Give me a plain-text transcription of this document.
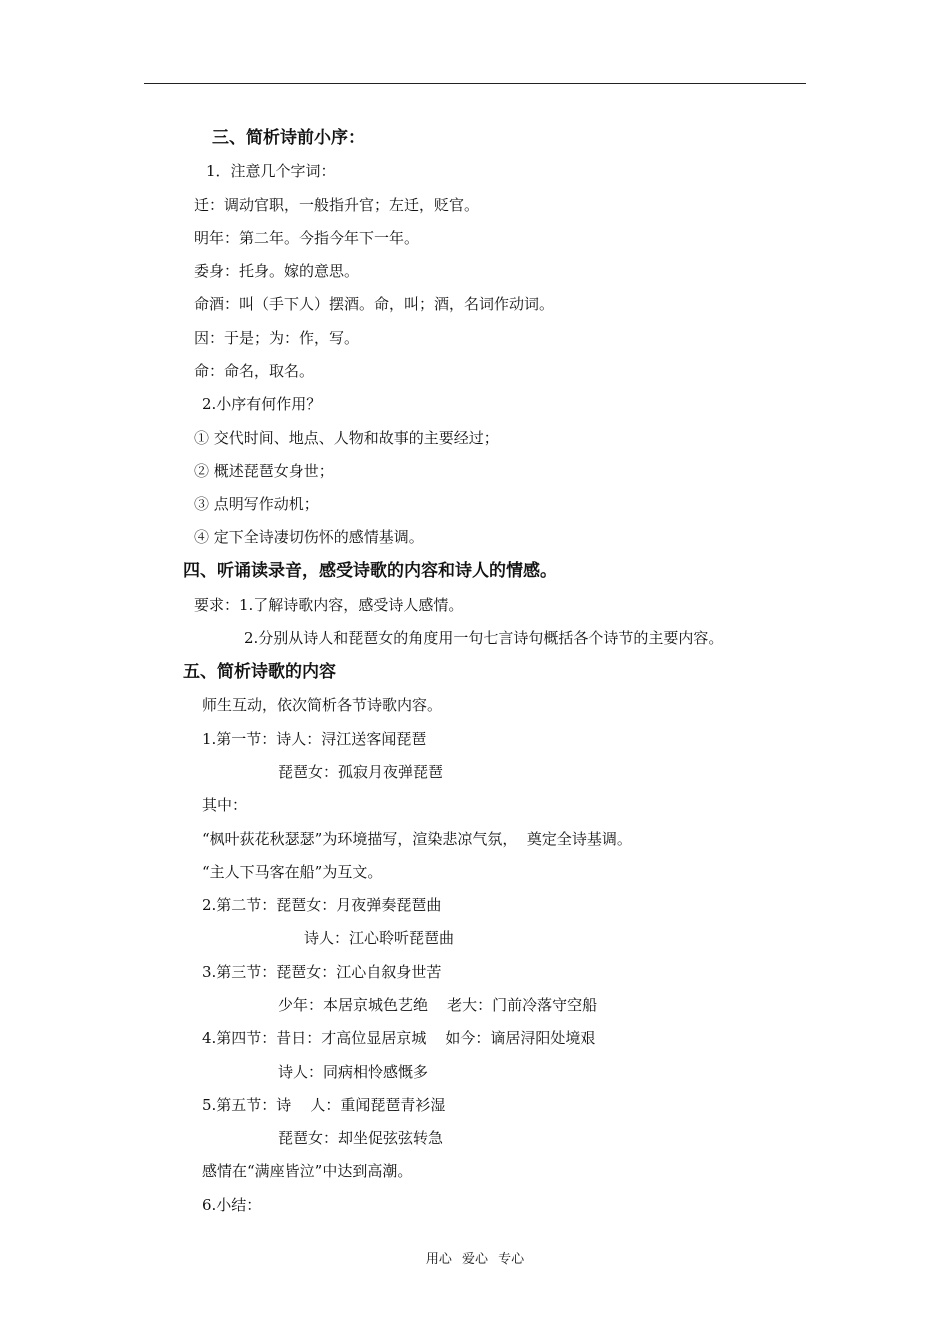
三、简析诗前小序：
1．注意几个字词：
迁：调动官职，一般指升官；左迁，贬官。
明年：第二年。今指今年下一年。
委身：托身。嫁的意思。
命酒：叫（手下人）摆酒。命，叫；酒，名词作动词。
因：于是；为：作，写。
命：命名，取名。
2.小序有何作用？
① 交代时间、地点、人物和故事的主要经过；
② 概述琵琶女身世；
③ 点明写作动机；
④ 定下全诗凄切伤怀的感情基调。
四、听诵读录音，感受诗歌的内容和诗人的情感。
要求：1.了解诗歌内容，感受诗人感情。
2.分别从诗人和琵琶女的角度用一句七言诗句概括各个诗节的主要内容。
五、简析诗歌的内容
师生互动，依次简析各节诗歌内容。
1.第一节：诗人：浔江送客闻琵琶
琵琶女：孤寂月夜弹琵琶
其中：
“枫叶荻花秋瑟瑟”为环境描写，渲染悲凉气氛，  奠定全诗基调。
“主人下马客在船”为互文。
2.第二节：琵琶女：月夜弹奏琵琶曲
诗人：江心聆听琵琶曲
3.第三节：琵琶女：江心自叙身世苦
少年：本居京城色艺绝    老大：门前冷落守空船
4.第四节：昔日：才高位显居京城    如今：谪居浔阳处境艰
诗人：同病相怜感慨多
5.第五节：诗    人：重闻琵琶青衫湿
琵琶女：却坐促弦弦转急
感情在“满座皆泣”中达到高潮。
6.小结：
用心 爱心 专心
